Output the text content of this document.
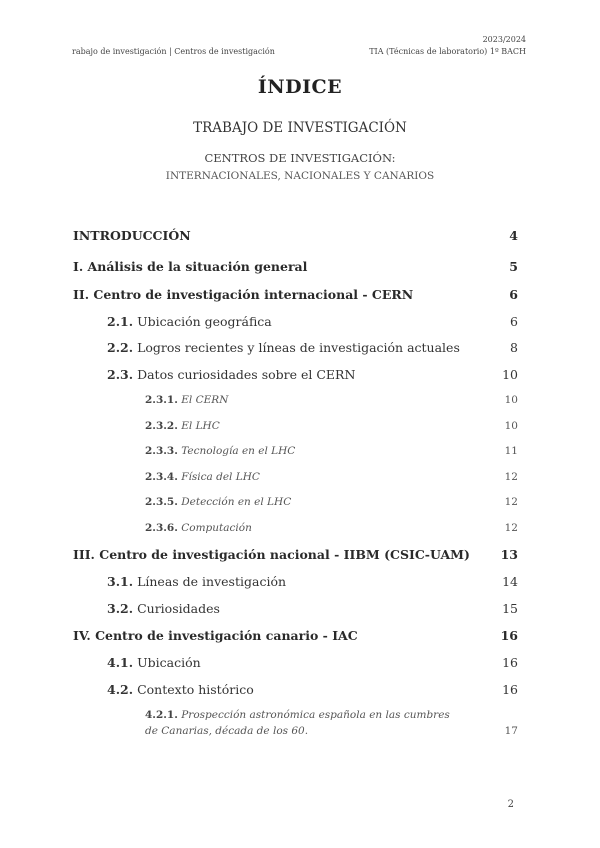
2023/2024
rabajo de investigación | Centros de investigación	TIA (Técnicas de laboratorio) 1º BACH
ÍNDICE
TRABAJO DE INVESTIGACIÓN
CENTROS DE INVESTIGACIÓN:
INTERNACIONALES, NACIONALES Y CANARIOS
INTRODUCCIÓN	4
I. Análisis de la situación general	5
II. Centro de investigación internacional - CERN	6
2.1. Ubicación geográfica	6
2.2. Logros recientes y líneas de investigación actuales	8
2.3. Datos curiosidades sobre el CERN	10
2.3.1. El CERN	10
2.3.2. El LHC	10
2.3.3. Tecnología en el LHC	11
2.3.4. Física del LHC	12
2.3.5. Detección en el LHC	12
2.3.6. Computación	12
III. Centro de investigación nacional - IIBM (CSIC-UAM) 13
3.1. Líneas de investigación	14
3.2. Curiosidades	15
IV. Centro de investigación canario - IAC	16
4.1. Ubicación	16
4.2. Contexto histórico	16
4.2.1. Prospección astronómica española en las cumbres
de Canarias, década de los 60.	17
2
